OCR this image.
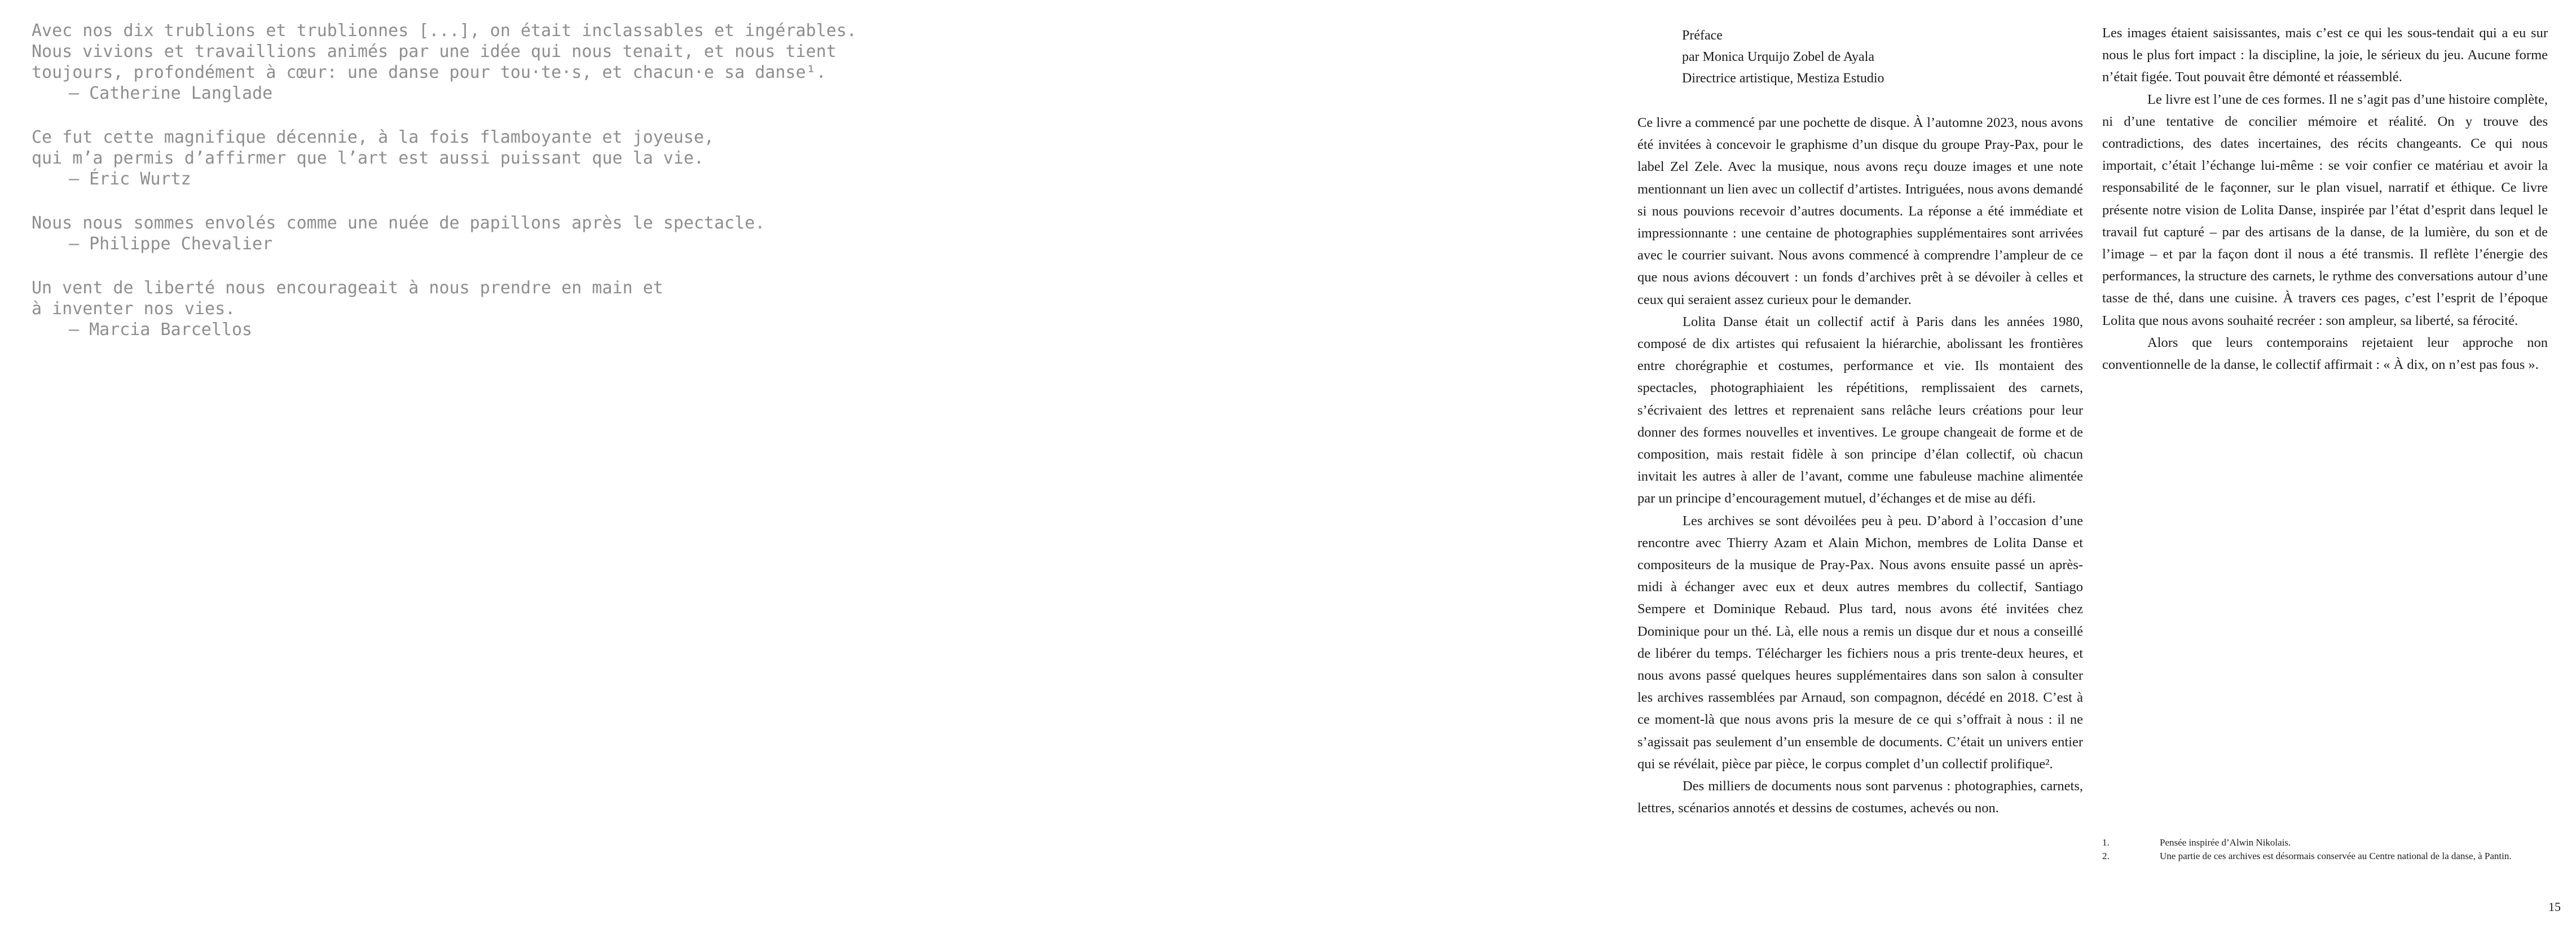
Avec nos dix trublions et trublionnes [...], on était inclassables et ingérables.
Nous vivions et travaillions animés par une idée qui nous tenait, et nous tient
toujours, profondément à cœur: une danse pour tou·te·s, et chacun·e sa danse¹.
— Catherine Langlade
Ce fut cette magnifique décennie, à la fois flamboyante et joyeuse,
qui m’a permis d’affirmer que l’art est aussi puissant que la vie.
— Éric Wurtz
Nous nous sommes envolés comme une nuée de papillons après le spectacle.
— Philippe Chevalier
Un vent de liberté nous encourageait à nous prendre en main et
à inventer nos vies.
— Marcia Barcellos
Préface
par Monica Urquijo Zobel de Ayala
Directrice artistique, Mestiza Estudio

Ce livre a commencé par une pochette de disque. À l’automne 2023, nous avons été invitées à concevoir le graphisme d’un disque du groupe Pray-Pax, pour le label Zel Zele. Avec la musique, nous avons reçu douze images et une note mentionnant un lien avec un collectif d’artistes. Intriguées, nous avons demandé si nous pouvions recevoir d’autres documents. La réponse a été immédiate et impressionnante : une centaine de photographies supplémentaires sont arrivées avec le courrier suivant. Nous avons commencé à comprendre l’ampleur de ce que nous avions découvert : un fonds d’archives prêt à se dévoiler à celles et ceux qui seraient assez curieux pour le demander.

Lolita Danse était un collectif actif à Paris dans les années 1980, composé de dix artistes qui refusaient la hiérarchie, abolissant les frontières entre chorégraphie et costumes, performance et vie. Ils montaient des spectacles, photographiaient les répétitions, remplissaient des carnets, s’écrivaient des lettres et reprenaient sans relâche leurs créations pour leur donner des formes nouvelles et inventives. Le groupe changeait de forme et de composition, mais restait fidèle à son principe d’élan collectif, où chacun invitait les autres à aller de l’avant, comme une fabuleuse machine alimentée par un principe d’encouragement mutuel, d’échanges et de mise au défi.

Les archives se sont dévoilées peu à peu. D’abord à l’occasion d’une rencontre avec Thierry Azam et Alain Michon, membres de Lolita Danse et compositeurs de la musique de Pray-Pax. Nous avons ensuite passé un après-midi à échanger avec eux et deux autres membres du collectif, Santiago Sempere et Dominique Rebaud. Plus tard, nous avons été invitées chez Dominique pour un thé. Là, elle nous a remis un disque dur et nous a conseillé de libérer du temps. Télécharger les fichiers nous a pris trente-deux heures, et nous avons passé quelques heures supplémentaires dans son salon à consulter les archives rassemblées par Arnaud, son compagnon, décédé en 2018. C’est à ce moment-là que nous avons pris la mesure de ce qui s’offrait à nous : il ne s’agissait pas seulement d’un ensemble de documents. C’était un univers entier qui se révélait, pièce par pièce, le corpus complet d’un collectif prolifique².

Des milliers de documents nous sont parvenus : photographies, carnets, lettres, scénarios annotés et dessins de costumes, achevés ou non.

Les images étaient saisissantes, mais c’est ce qui les sous-tendait qui a eu sur nous le plus fort impact : la discipline, la joie, le sérieux du jeu. Aucune forme n’était figée. Tout pouvait être démonté et réassemblé.

Le livre est l’une de ces formes. Il ne s’agit pas d’une histoire complète, ni d’une tentative de concilier mémoire et réalité. On y trouve des contradictions, des dates incertaines, des récits changeants. Ce qui nous importait, c’était l’échange lui-même : se voir confier ce matériau et avoir la responsabilité de le façonner, sur le plan visuel, narratif et éthique. Ce livre présente notre vision de Lolita Danse, inspirée par l’état d’esprit dans lequel le travail fut capturé – par des artisans de la danse, de la lumière, du son et de l’image – et par la façon dont il nous a été transmis. Il reflète l’énergie des performances, la structure des carnets, le rythme des conversations autour d’une tasse de thé, dans une cuisine. À travers ces pages, c’est l’esprit de l’époque Lolita que nous avons souhaité recréer : son ampleur, sa liberté, sa férocité.

Alors que leurs contemporains rejetaient leur approche non conventionnelle de la danse, le collectif affirmait : « À dix, on n’est pas fous ».

1.	Pensée inspirée d’Alwin Nikolais.
2.	Une partie de ces archives est désormais conservée au Centre national de la danse, à Pantin.
15
